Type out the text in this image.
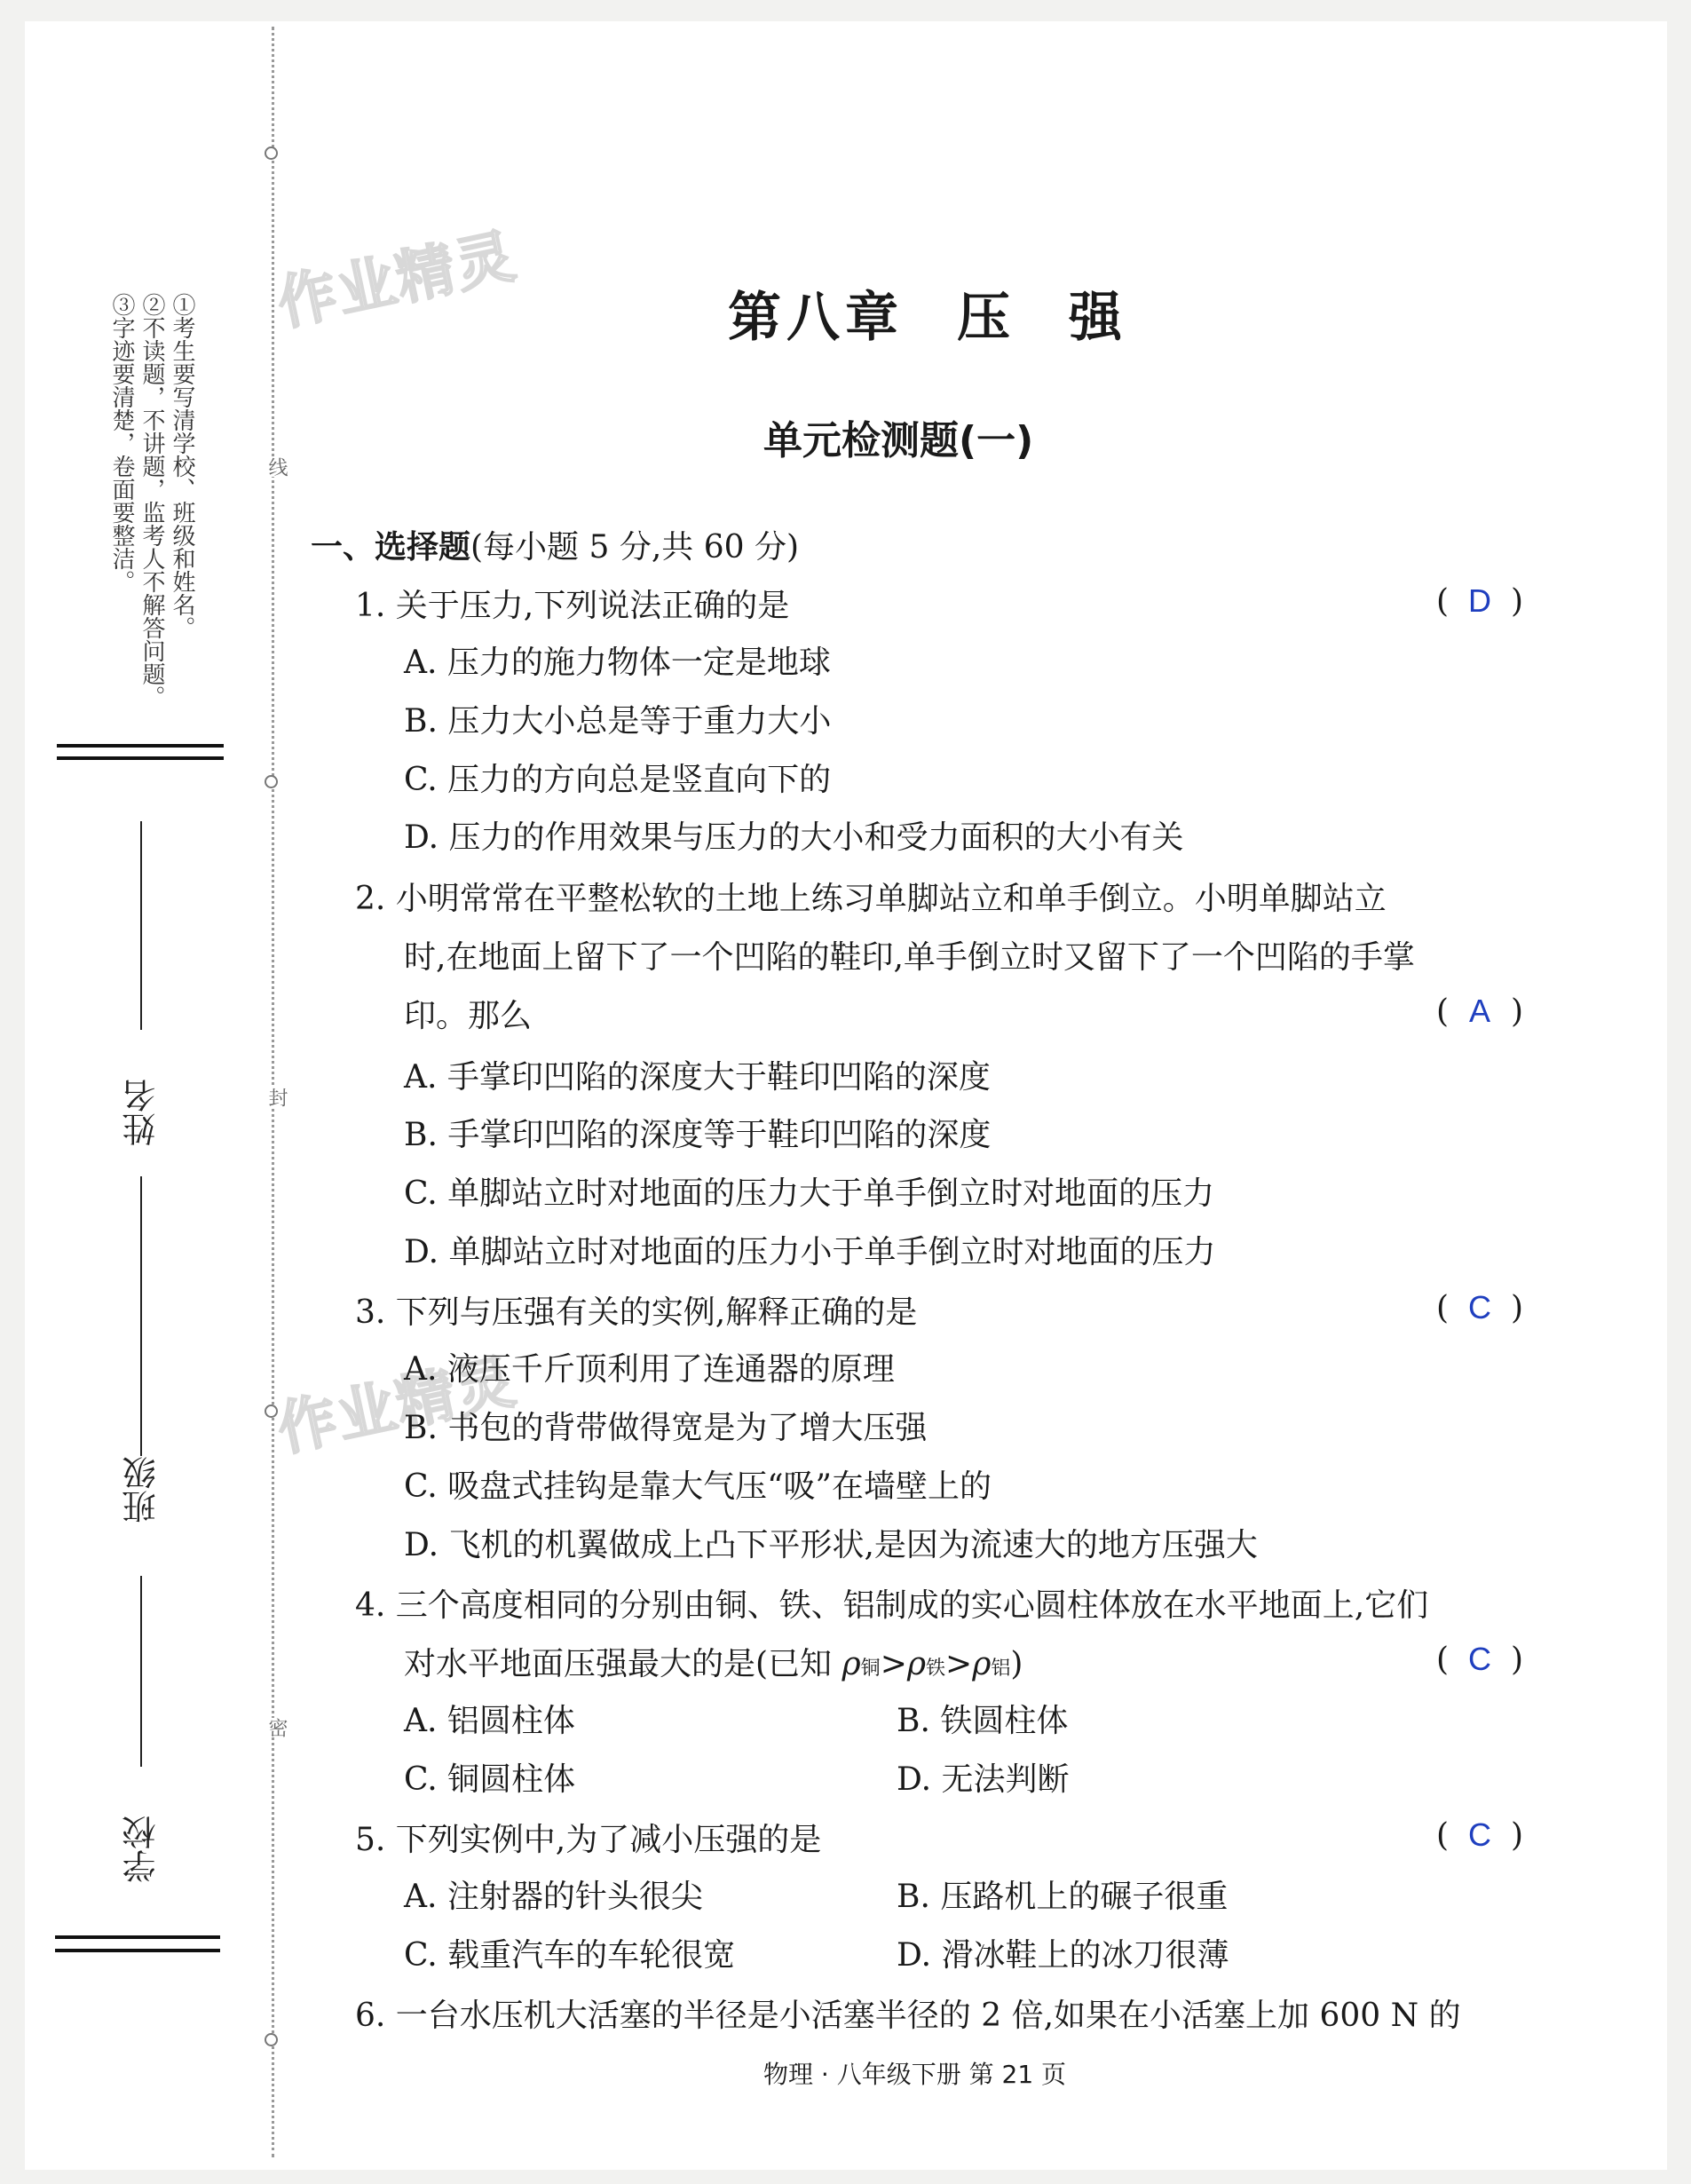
①考生要写清学校、班级和姓名。
②不读题，不讲题，监考人不解答问题。
③字迹要清楚，卷面要整洁。
姓名
班级
学校
线
封
密
作业精灵
作业精灵
第八章 压 强
单元检测题(一)
一、选择题(每小题 5 分,共 60 分)
1. 关于压力,下列说法正确的是	( D )
A. 压力的施力物体一定是地球
B. 压力大小总是等于重力大小
C. 压力的方向总是竖直向下的
D. 压力的作用效果与压力的大小和受力面积的大小有关
2. 小明常常在平整松软的土地上练习单脚站立和单手倒立。小明单脚站立
时,在地面上留下了一个凹陷的鞋印,单手倒立时又留下了一个凹陷的手掌
印。那么	( A )
A. 手掌印凹陷的深度大于鞋印凹陷的深度
B. 手掌印凹陷的深度等于鞋印凹陷的深度
C. 单脚站立时对地面的压力大于单手倒立时对地面的压力
D. 单脚站立时对地面的压力小于单手倒立时对地面的压力
3. 下列与压强有关的实例,解释正确的是	( C )
A. 液压千斤顶利用了连通器的原理
B. 书包的背带做得宽是为了增大压强
C. 吸盘式挂钩是靠大气压“吸”在墙壁上的
D. 飞机的机翼做成上凸下平形状,是因为流速大的地方压强大
4. 三个高度相同的分别由铜、铁、铝制成的实心圆柱体放在水平地面上,它们
对水平地面压强最大的是(已知 ρ铜>ρ铁>ρ铝)	( C )
A. 铝圆柱体	B. 铁圆柱体
C. 铜圆柱体	D. 无法判断
5. 下列实例中,为了减小压强的是	( C )
A. 注射器的针头很尖	B. 压路机上的碾子很重
C. 载重汽车的车轮很宽	D. 滑冰鞋上的冰刀很薄
6. 一台水压机大活塞的半径是小活塞半径的 2 倍,如果在小活塞上加 600 N 的
物理 · 八年级下册 第 21 页
